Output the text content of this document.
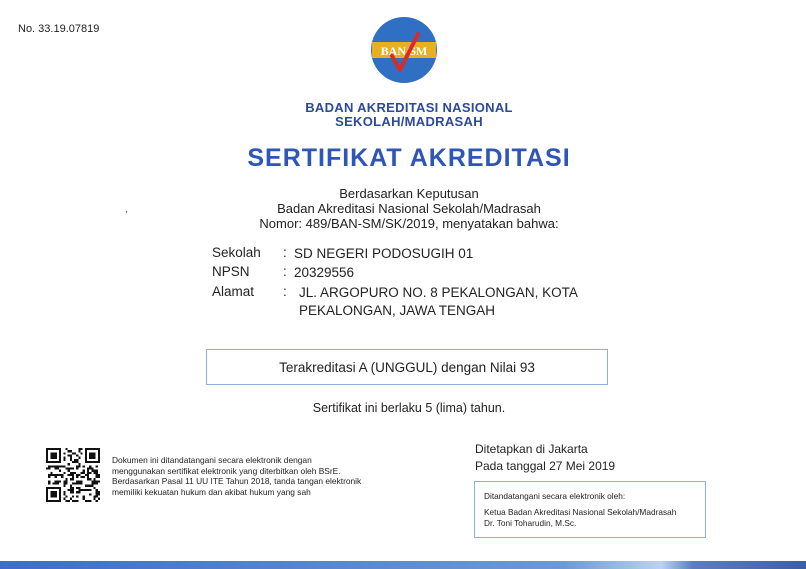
No. 33.19.07819
BAN/SM
BADAN AKREDITASI NASIONAL
SEKOLAH/MADRASAH
SERTIFIKAT AKREDITASI
,
Berdasarkan Keputusan
Badan Akreditasi Nasional Sekolah/Madrasah
Nomor: 489/BAN-SM/SK/2019, menyatakan bahwa:
Sekolah : SD NEGERI PODOSUGIH 01
NPSN : 20329556
Alamat : JL. ARGOPURO NO. 8 PEKALONGAN, KOTA
PEKALONGAN, JAWA TENGAH
Terakreditasi A (UNGGUL) dengan Nilai 93
Sertifikat ini berlaku 5 (lima) tahun.
Dokumen ini ditandatangani secara elektronik dengan
menggunakan sertifikat elektronik yang diterbitkan oleh BSrE.
Berdasarkan Pasal 11 UU ITE Tahun 2018, tanda tangan elektronik
memiliki kekuatan hukum dan akibat hukum yang sah
Ditetapkan di Jakarta
Pada tanggal 27 Mei 2019
Ditandatangani secara elektronik oleh:
Ketua Badan Akreditasi Nasional Sekolah/Madrasah
Dr. Toni Toharudin, M.Sc.
